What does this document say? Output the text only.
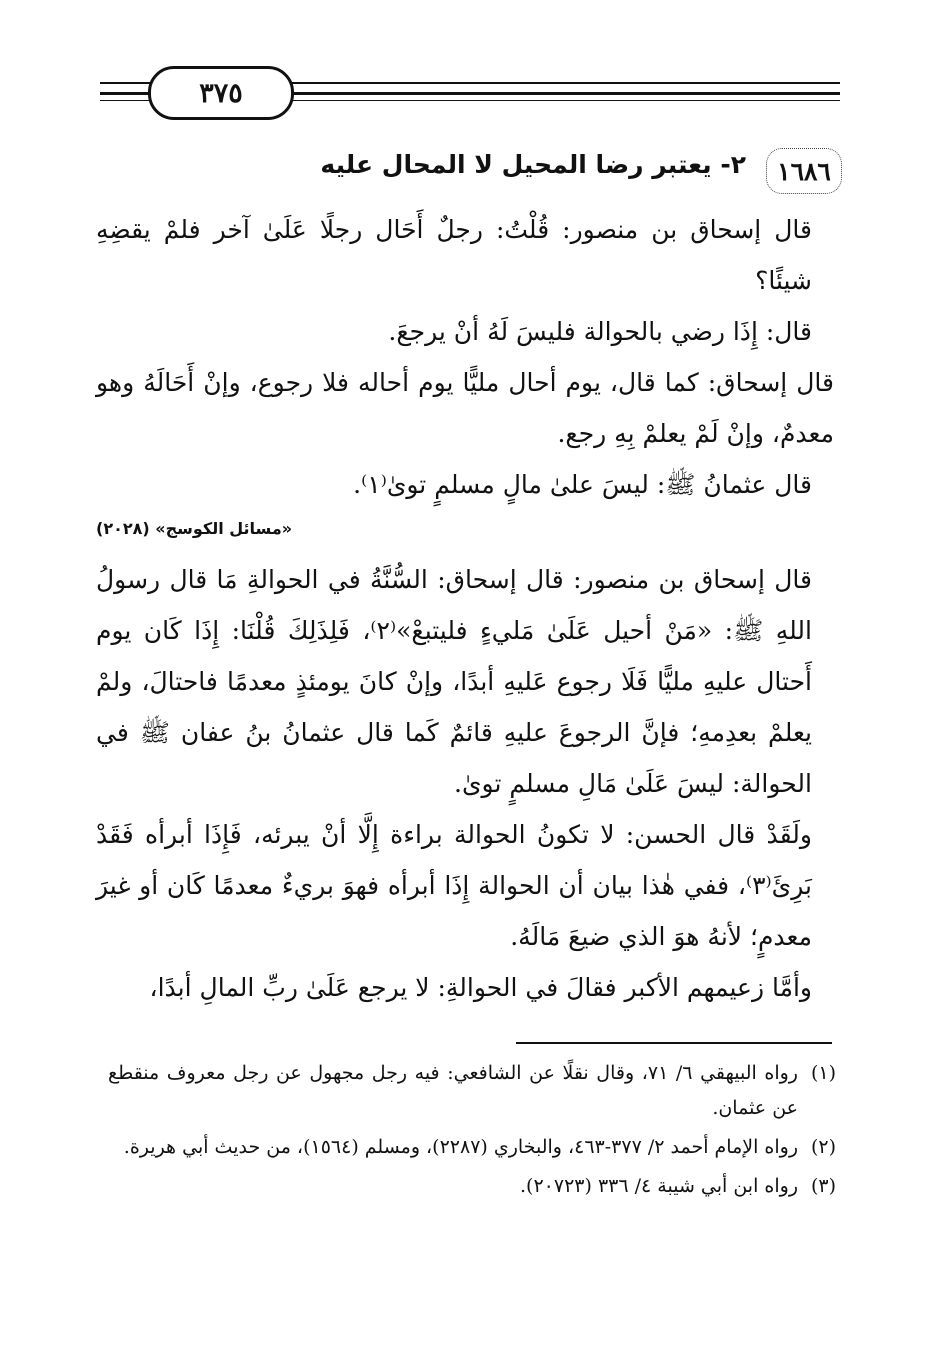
٣٧٥
١٦٨٦
٢- يعتبر رضا المحيل لا المحال عليه

قال إسحاق بن منصور: قُلْتُ: رجلٌ أَحَال رجلًا عَلَىٰ آخر فلمْ يقضِهِ شيئًا؟

قال: إِذَا رضي بالحوالة فليسَ لَهُ أنْ يرجعَ.

قال إسحاق: كما قال، يوم أحال مليًّا يوم أحاله فلا رجوع، وإنْ أَحَالَهُ وهو معدمٌ، وإنْ لَمْ يعلمْ بِهِ رجع.

قال عثمانُ ﷺ: ليسَ علىٰ مالٍ مسلمٍ توىٰ⁽١⁾.

«مسائل الكوسج» (٢٠٢٨)

قال إسحاق بن منصور: قال إسحاق: السُّنَّةُ في الحوالةِ مَا قال رسولُ اللهِ ﷺ: «مَنْ أحيل عَلَىٰ مَليءٍ فليتبعْ»⁽٢⁾، فَلِذَلِكَ قُلْنَا: إِذَا كَان يوم أَحتال عليهِ مليًّا فَلَا رجوع عَليهِ أبدًا، وإنْ كانَ يومئذٍ معدمًا فاحتالَ، ولمْ يعلمْ بعدِمهِ؛ فإنَّ الرجوعَ عليهِ قائمٌ كَما قال عثمانُ بنُ عفان ﷺ في الحوالة: ليسَ عَلَىٰ مَالِ مسلمٍ توىٰ.

ولَقَدْ قال الحسن: لا تكونُ الحوالة براءة إِلَّا أنْ يبرئه، فَإِذَا أبرأه فَقَدْ بَرِئَ⁽٣⁾، ففي هٰذا بيان أن الحوالة إِذَا أبرأه فهوَ بريءٌ معدمًا كَان أو غيرَ معدمٍ؛ لأنهُ هوَ الذي ضيعَ مَالَهُ.

وأمَّا زعيمهم الأكبر فقالَ في الحوالةِ: لا يرجع عَلَىٰ ربِّ المالِ أبدًا،

(١)
رواه البيهقي ٦/ ٧١، وقال نقلًا عن الشافعي: فيه رجل مجهول عن رجل معروف منقطع عن عثمان.
(٢)
رواه الإمام أحمد ٢/ ٣٧٧-٤٦٣، والبخاري (٢٢٨٧)، ومسلم (١٥٦٤)، من حديث أبي هريرة.
(٣)
رواه ابن أبي شيبة ٤/ ٣٣٦ (٢٠٧٢٣).
